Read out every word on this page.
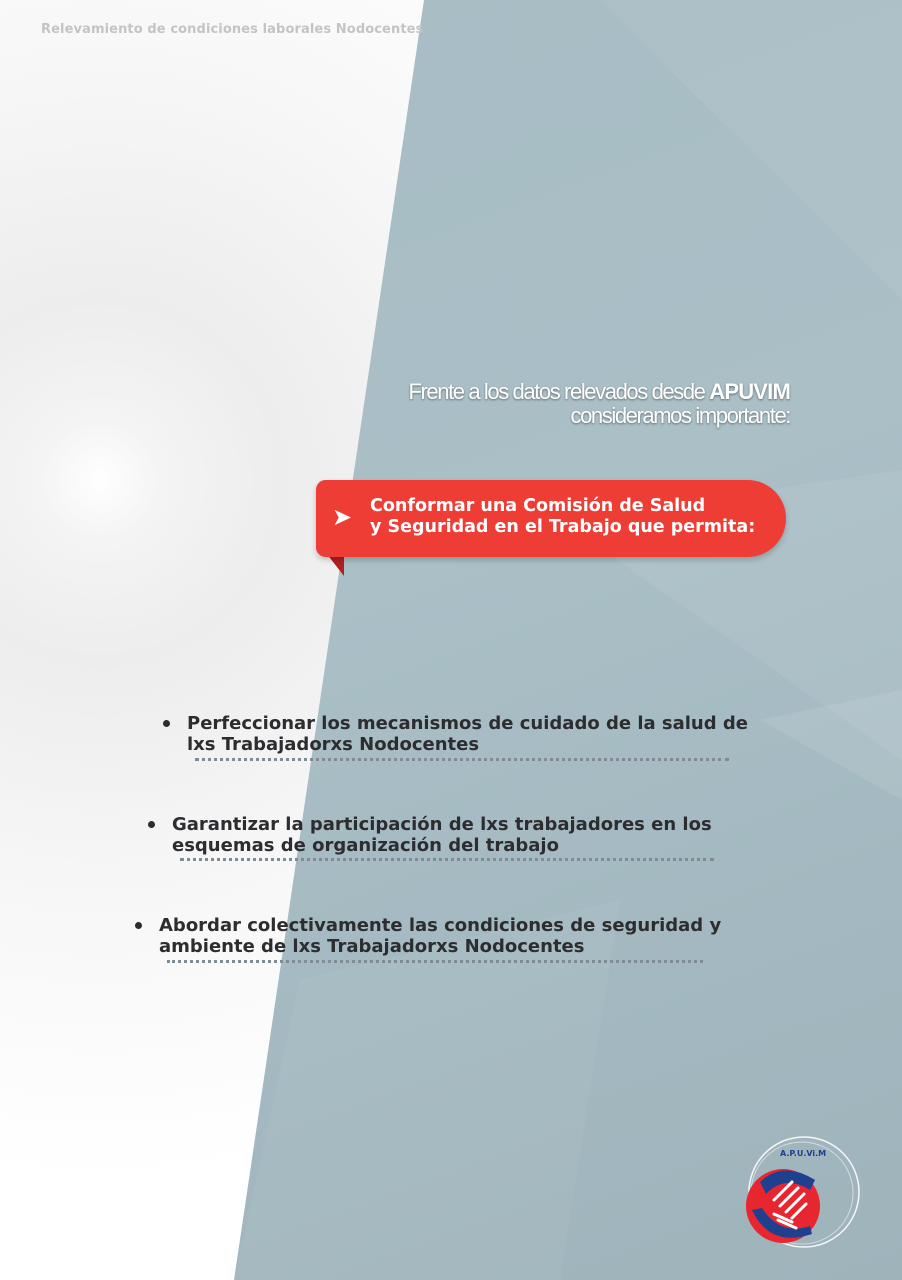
Relevamiento de condiciones laborales Nodocentes
Frente a los datos relevados desde APUVIM
consideramos importante:
➤ Conformar una Comisión de Salud
y Seguridad en el Trabajo que permita:
Perfeccionar los mecanismos de cuidado de la salud de
lxs Trabajadorxs Nodocentes
Garantizar la participación de lxs trabajadores en los
esquemas de organización del trabajo
Abordar colectivamente las condiciones de seguridad y
ambiente de lxs Trabajadorxs Nodocentes
A.P.U.Vi.M
